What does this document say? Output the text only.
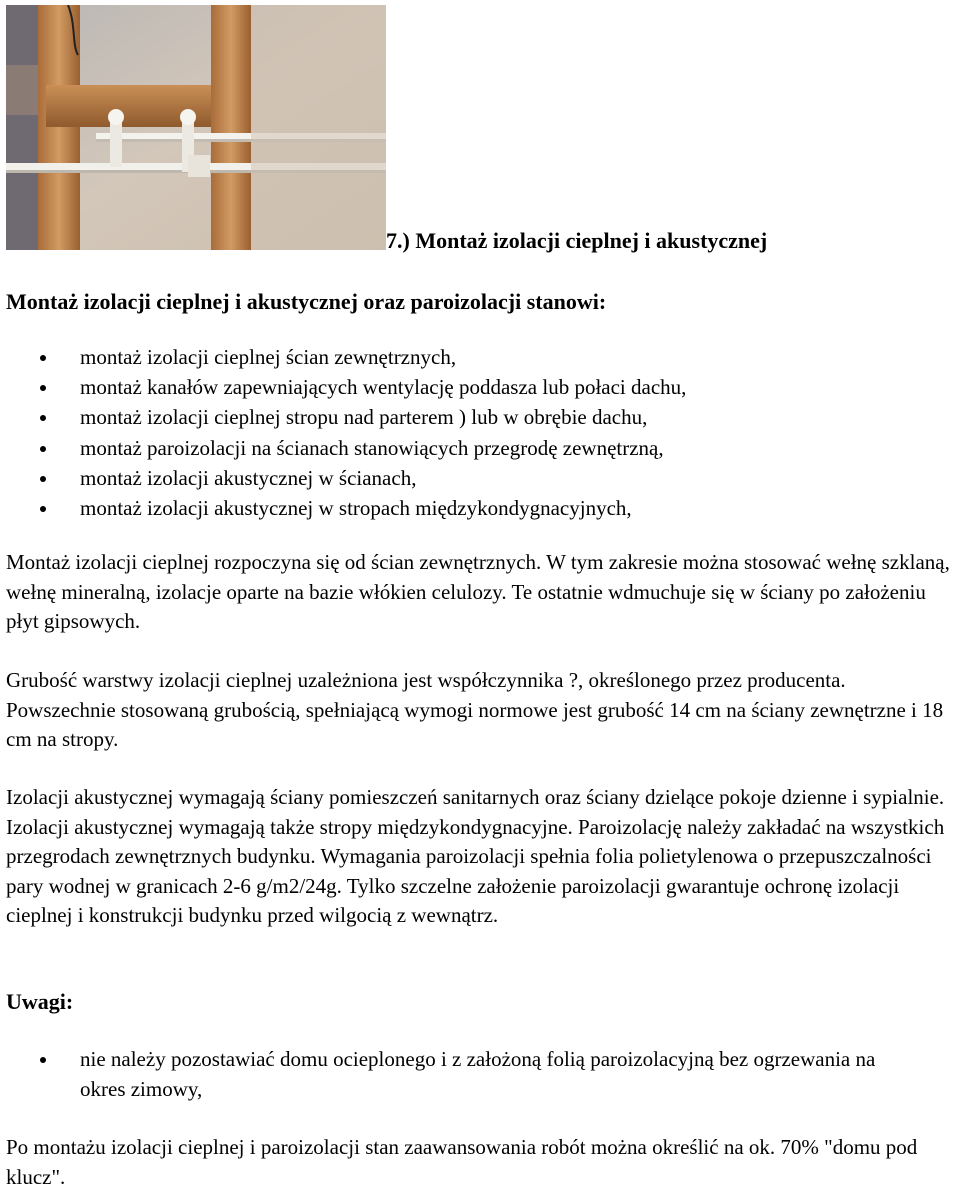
7.) Montaż izolacji cieplnej i akustycznej
Montaż izolacji cieplnej i akustycznej oraz paroizolacji stanowi:
montaż izolacji cieplnej ścian zewnętrznych,
montaż kanałów zapewniających wentylację poddasza lub połaci dachu,
montaż izolacji cieplnej stropu nad parterem ) lub w obrębie dachu,
montaż paroizolacji na ścianach stanowiących przegrodę zewnętrzną,
montaż izolacji akustycznej w ścianach,
montaż izolacji akustycznej w stropach międzykondygnacyjnych,

Montaż izolacji cieplnej rozpoczyna się od ścian zewnętrznych. W tym zakresie można stosować wełnę szklaną, wełnę mineralną, izolacje oparte na bazie włókien celulozy. Te ostatnie wdmuchuje się w ściany po założeniu płyt gipsowych.

Grubość warstwy izolacji cieplnej uzależniona jest współczynnika ?, określonego przez producenta. Powszechnie stosowaną grubością, spełniającą wymogi normowe jest grubość 14 cm na ściany zewnętrzne i 18 cm na stropy.

Izolacji akustycznej wymagają ściany pomieszczeń sanitarnych oraz ściany dzielące pokoje dzienne i sypialnie. Izolacji akustycznej wymagają także stropy międzykondygnacyjne. Paroizolację należy zakładać na wszystkich przegrodach zewnętrznych budynku. Wymagania paroizolacji spełnia folia polietylenowa o przepuszczalności pary wodnej w granicach 2-6 g/m2/24g. Tylko szczelne założenie paroizolacji gwarantuje ochronę izolacji cieplnej i konstrukcji budynku przed wilgocią z wewnątrz.

Uwagi:
nie należy pozostawiać domu ocieplonego i z założoną folią paroizolacyjną bez ogrzewania na okres zimowy,

Po montażu izolacji cieplnej i paroizolacji stan zaawansowania robót można określić na ok. 70% "domu pod klucz".
